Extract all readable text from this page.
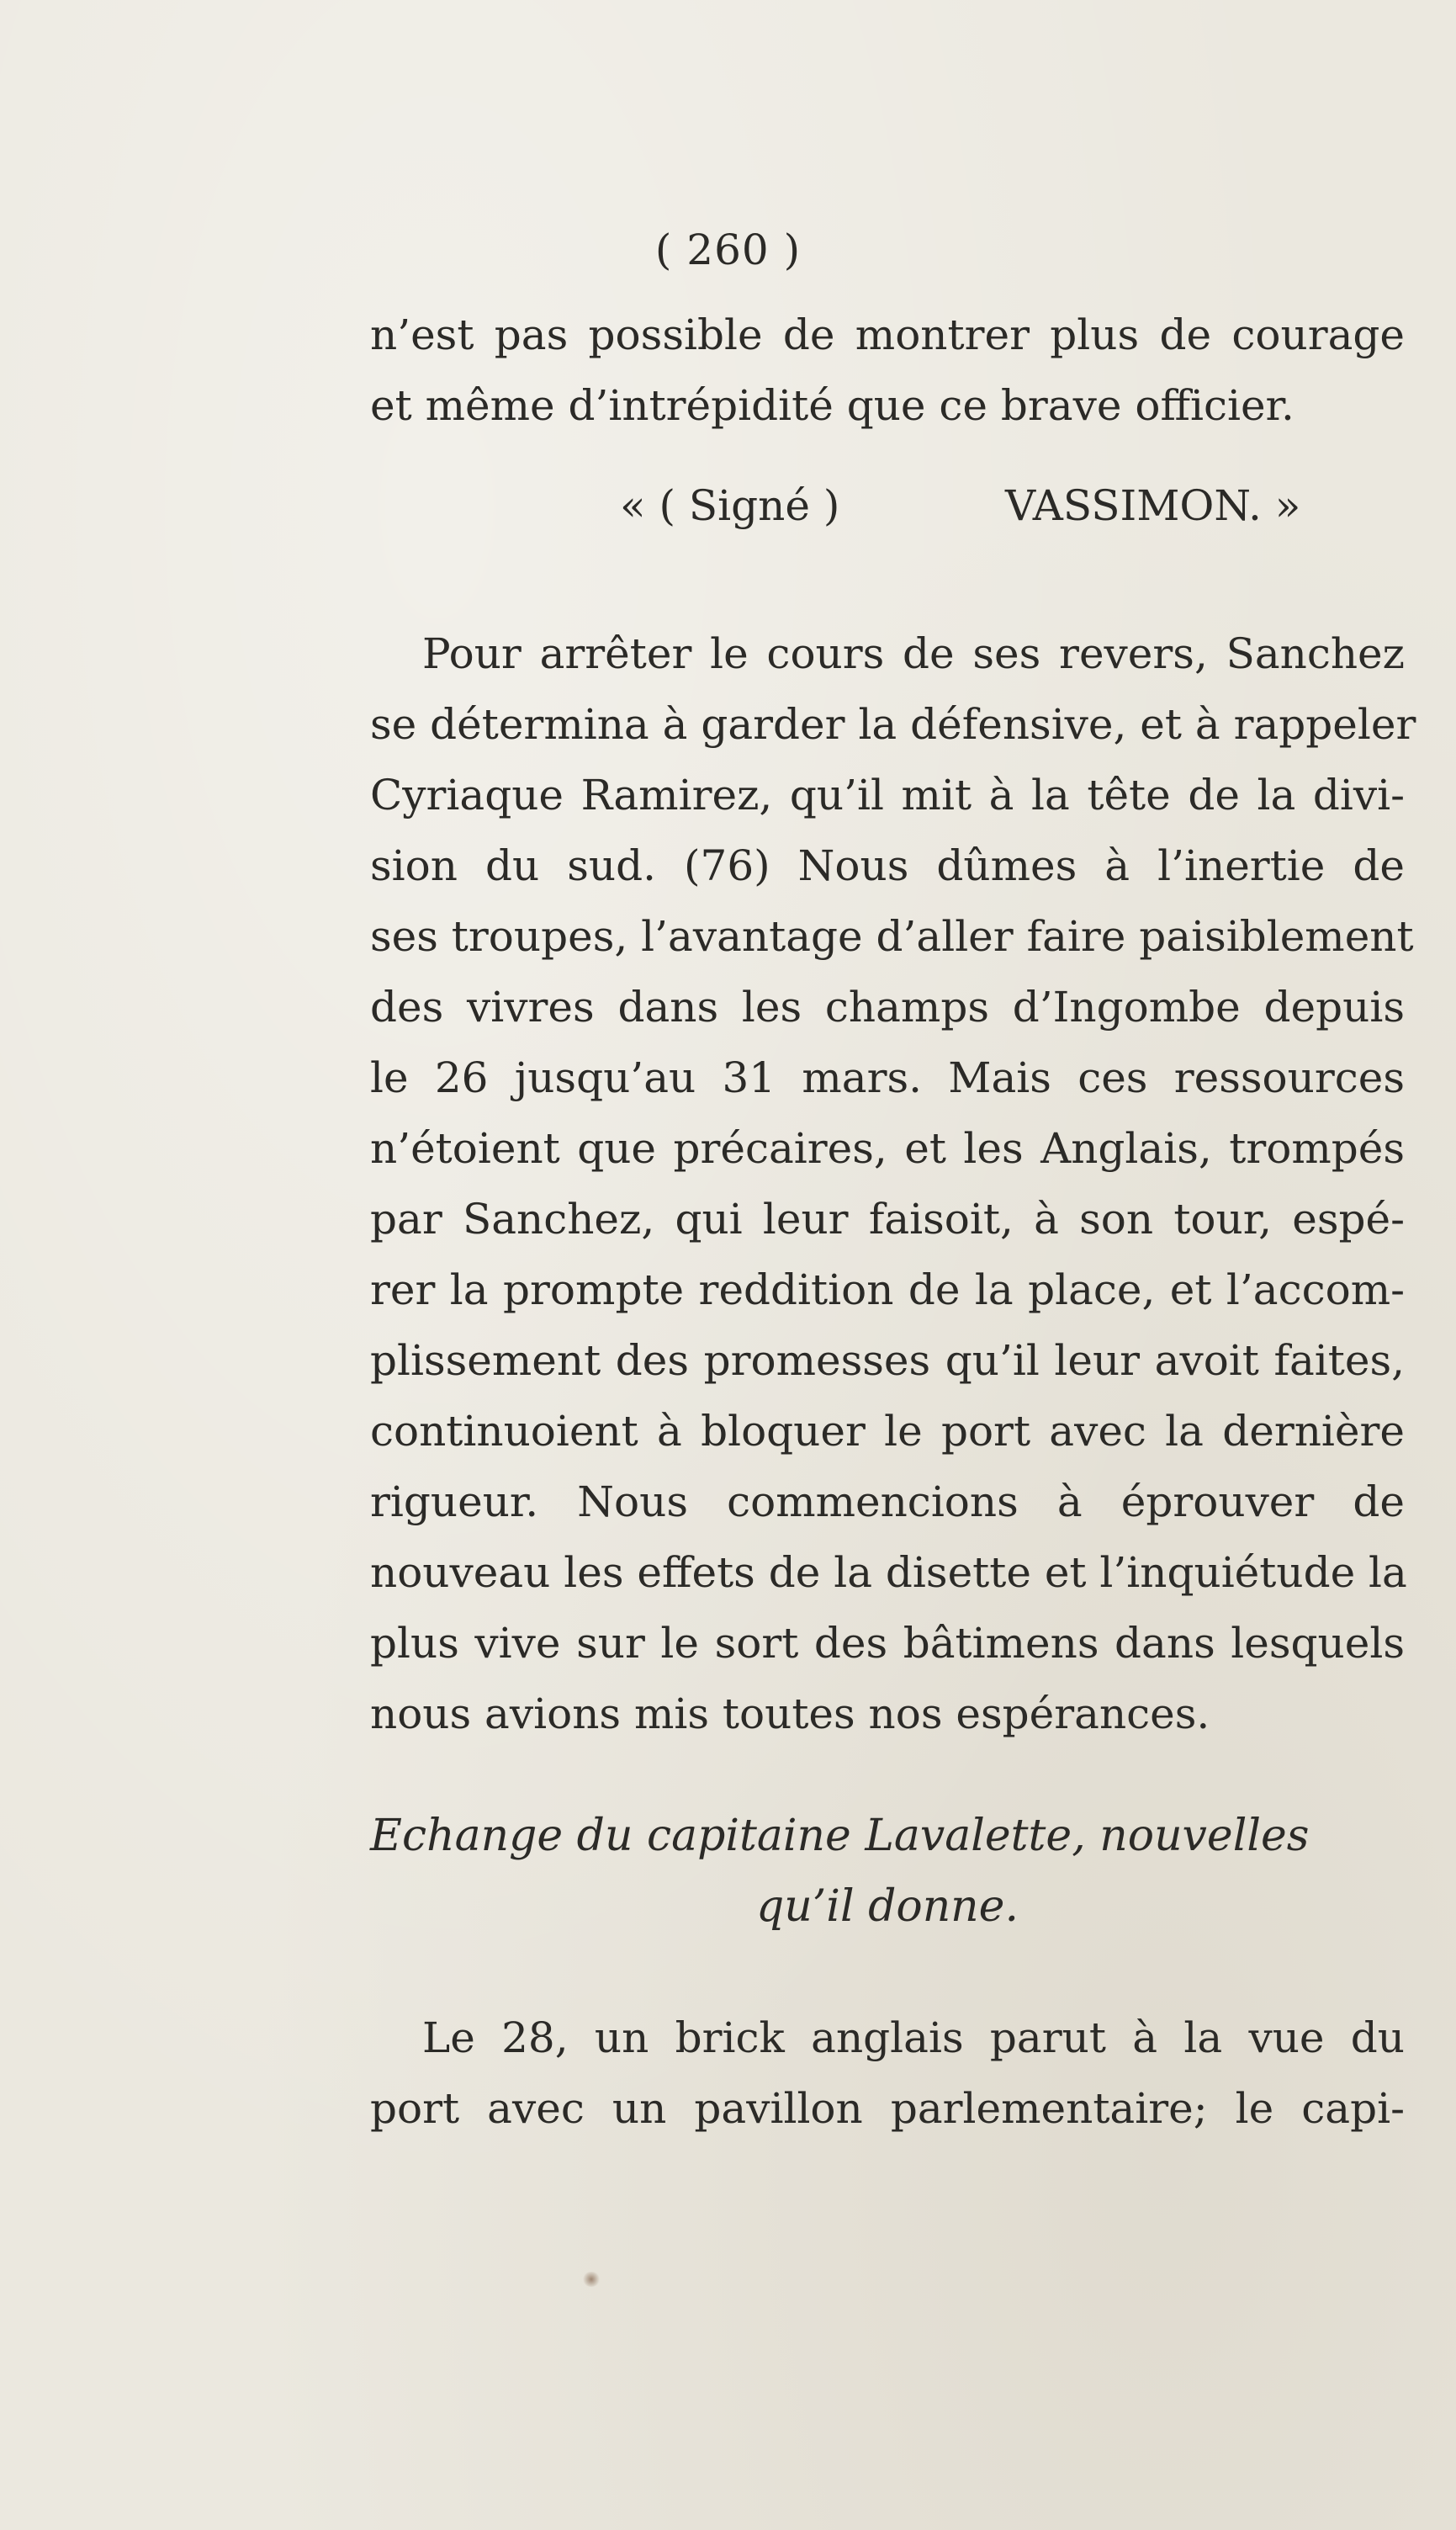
( 260 )
n’est pas possible de montrer plus de courage
et même d’intrépidité que ce brave officier.
« ( Signé )	VASSIMON. »
Pour arrêter le cours de ses revers, Sanchez
se détermina à garder la défensive, et à rappeler
Cyriaque Ramirez, qu’il mit à la tête de la divi-
sion du sud. (76) Nous dûmes à l’inertie de
ses troupes, l’avantage d’aller faire paisiblement
des vivres dans les champs d’Ingombe depuis
le 26 jusqu’au 31 mars. Mais ces ressources
n’étoient que précaires, et les Anglais, trompés
par Sanchez, qui leur faisoit, à son tour, espé-
rer la prompte reddition de la place, et l’accom-
plissement des promesses qu’il leur avoit faites,
continuoient à bloquer le port avec la dernière
rigueur. Nous commencions à éprouver de
nouveau les effets de la disette et l’inquiétude la
plus vive sur le sort des bâtimens dans lesquels
nous avions mis toutes nos espérances.
Echange du capitaine Lavalette, nouvelles
qu’il donne.
Le 28, un brick anglais parut à la vue du
port avec un pavillon parlementaire; le capi-
